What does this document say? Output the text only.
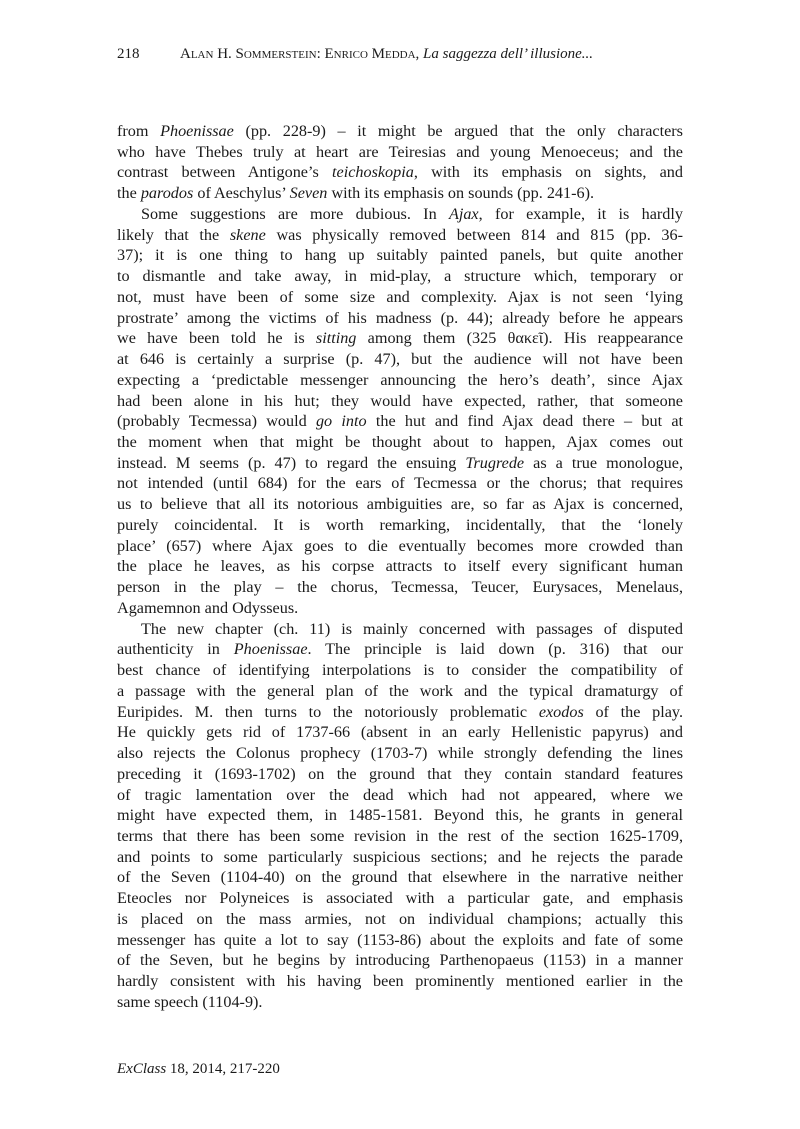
218	Alan H. Sommerstein: Enrico Medda, La saggezza dell’ illusione...
from Phoenissae (pp. 228-9) – it might be argued that the only characters
who have Thebes truly at heart are Teiresias and young Menoeceus; and the
contrast between Antigone’s teichoskopia, with its emphasis on sights, and
the parodos of Aeschylus’ Seven with its emphasis on sounds (pp. 241-6).
Some suggestions are more dubious. In Ajax, for example, it is hardly
likely that the skene was physically removed between 814 and 815 (pp. 36-
37); it is one thing to hang up suitably painted panels, but quite another
to dismantle and take away, in mid-play, a structure which, temporary or
not, must have been of some size and complexity. Ajax is not seen ‘lying
prostrate’ among the victims of his madness (p. 44); already before he appears
we have been told he is sitting among them (325 θακεῖ). His reappearance
at 646 is certainly a surprise (p. 47), but the audience will not have been
expecting a ‘predictable messenger announcing the hero’s death’, since Ajax
had been alone in his hut; they would have expected, rather, that someone
(probably Tecmessa) would go into the hut and find Ajax dead there – but at
the moment when that might be thought about to happen, Ajax comes out
instead. M seems (p. 47) to regard the ensuing Trugrede as a true monologue,
not intended (until 684) for the ears of Tecmessa or the chorus; that requires
us to believe that all its notorious ambiguities are, so far as Ajax is concerned,
purely coincidental. It is worth remarking, incidentally, that the ‘lonely
place’ (657) where Ajax goes to die eventually becomes more crowded than
the place he leaves, as his corpse attracts to itself every significant human
person in the play – the chorus, Tecmessa, Teucer, Eurysaces, Menelaus,
Agamemnon and Odysseus.
The new chapter (ch. 11) is mainly concerned with passages of disputed
authenticity in Phoenissae. The principle is laid down (p. 316) that our
best chance of identifying interpolations is to consider the compatibility of
a passage with the general plan of the work and the typical dramaturgy of
Euripides. M. then turns to the notoriously problematic exodos of the play.
He quickly gets rid of 1737-66 (absent in an early Hellenistic papyrus) and
also rejects the Colonus prophecy (1703-7) while strongly defending the lines
preceding it (1693-1702) on the ground that they contain standard features
of tragic lamentation over the dead which had not appeared, where we
might have expected them, in 1485-1581. Beyond this, he grants in general
terms that there has been some revision in the rest of the section 1625-1709,
and points to some particularly suspicious sections; and he rejects the parade
of the Seven (1104-40) on the ground that elsewhere in the narrative neither
Eteocles nor Polyneices is associated with a particular gate, and emphasis
is placed on the mass armies, not on individual champions; actually this
messenger has quite a lot to say (1153-86) about the exploits and fate of some
of the Seven, but he begins by introducing Parthenopaeus (1153) in a manner
hardly consistent with his having been prominently mentioned earlier in the
same speech (1104-9).
ExClass 18, 2014, 217-220
